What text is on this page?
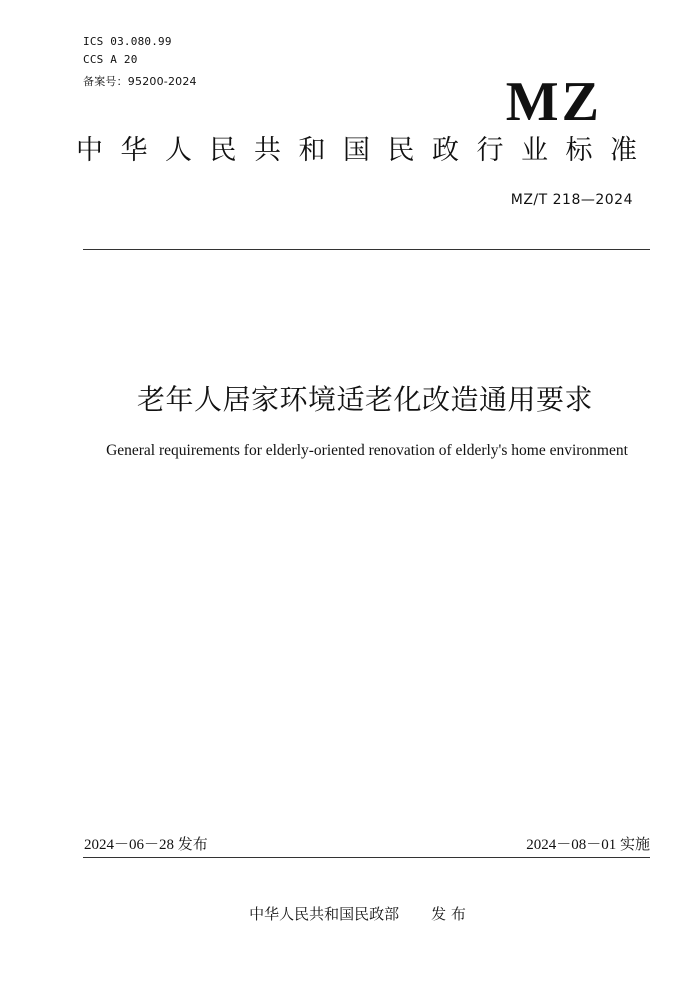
ICS 03.080.99
CCS A 20
备案号：95200-2024	MZ
中华人民共和国民政行业标准
MZ/T 218—2024
老年人居家环境适老化改造通用要求
General requirements for elderly-oriented renovation of elderly's home environment
2024－06－28 发布	2024－08－01 实施
中华人民共和国民政部 发 布
